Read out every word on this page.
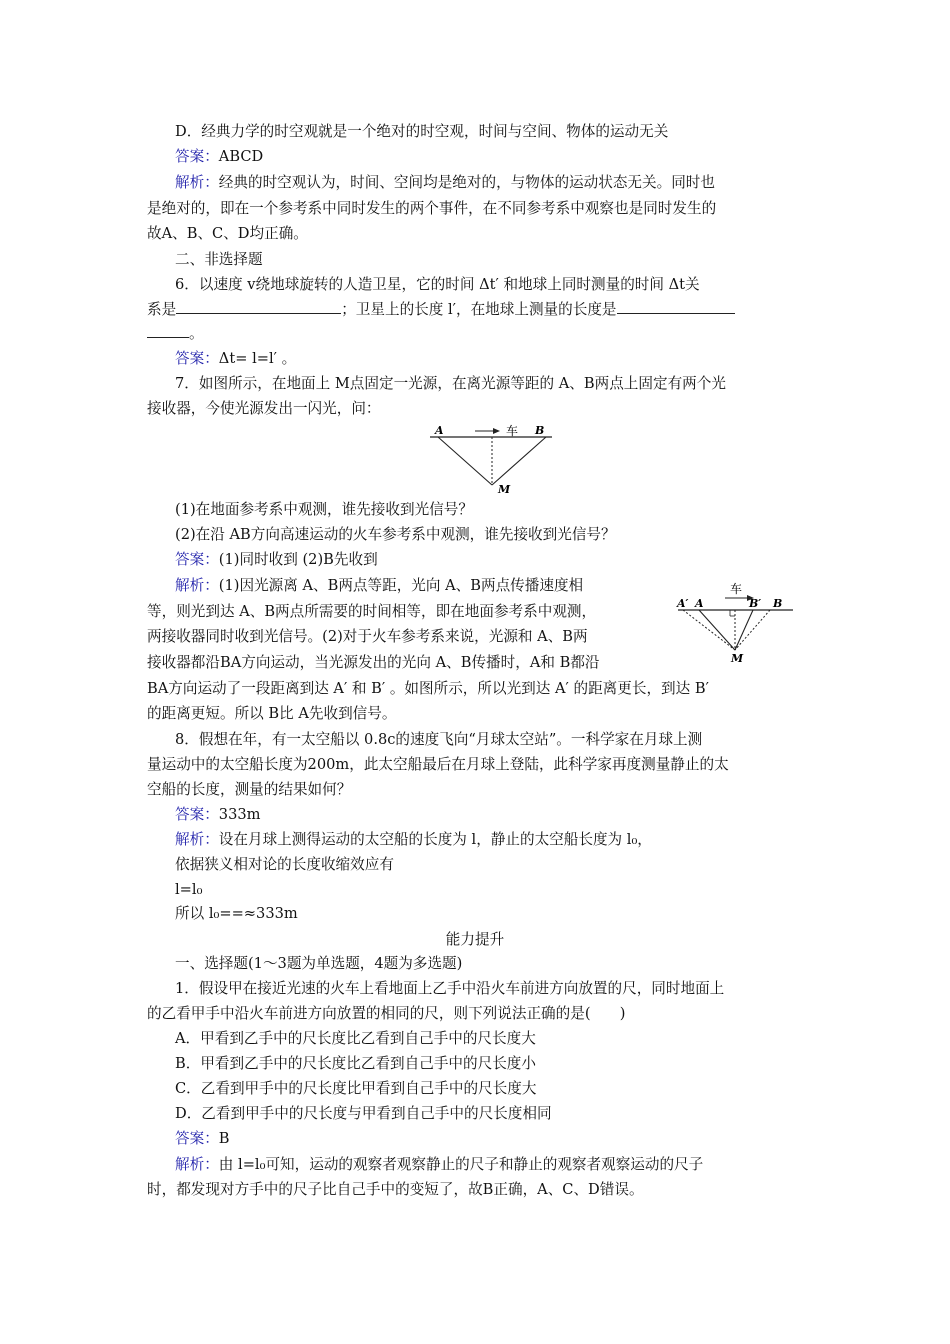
D．经典力学的时空观就是一个绝对的时空观，时间与空间、物体的运动无关
答案：ABCD
解析：经典的时空观认为，时间、空间均是绝对的，与物体的运动状态无关。同时也
是绝对的，即在一个参考系中同时发生的两个事件，在不同参考系中观察也是同时发生的
故A、B、C、D均正确。
二、非选择题
6．以速度 v绕地球旋转的人造卫星，它的时间 Δt′ 和地球上同时测量的时间 Δt关
系是	；卫星上的长度 l′，在地球上测量的长度是
。
答案：Δt= l=l′ 。
7．如图所示，在地面上 M点固定一光源，在离光源等距的 A、B两点上固定有两个光
接收器，今使光源发出一闪光，问：
A	车 B
M
(1)在地面参考系中观测，谁先接收到光信号？
(2)在沿 AB方向高速运动的火车参考系中观测，谁先接收到光信号？
答案：(1)同时收到 (2)B先收到
解析：(1)因光源离 A、B两点等距，光向 A、B两点传播速度相
等，则光到达 A、B两点所需要的时间相等，即在地面参考系中观测，
两接收器同时收到光信号。(2)对于火车参考系来说，光源和 A、B两
接收器都沿BA方向运动，当光源发出的光向 A、B传播时，A和 B都沿
车
A′ A	B′ B
M
BA方向运动了一段距离到达 A′ 和 B′ 。如图所示，所以光到达 A′ 的距离更长，到达 B′
的距离更短。所以 B比 A先收到信号。
8．假想在年，有一太空船以 0.8c的速度飞向“月球太空站”。一科学家在月球上测
量运动中的太空船长度为200m，此太空船最后在月球上登陆，此科学家再度测量静止的太
空船的长度，测量的结果如何？
答案：333m
解析：设在月球上测得运动的太空船的长度为 l，静止的太空船长度为 l₀，
依据狭义相对论的长度收缩效应有
l=l₀
所以 l₀==≈333m
能力提升
一、选择题(1～3题为单选题，4题为多选题)
1．假设甲在接近光速的火车上看地面上乙手中沿火车前进方向放置的尺，同时地面上
的乙看甲手中沿火车前进方向放置的相同的尺，则下列说法正确的是(　　)
A．甲看到乙手中的尺长度比乙看到自己手中的尺长度大
B．甲看到乙手中的尺长度比乙看到自己手中的尺长度小
C．乙看到甲手中的尺长度比甲看到自己手中的尺长度大
D．乙看到甲手中的尺长度与甲看到自己手中的尺长度相同
答案：B
解析：由 l=l₀可知，运动的观察者观察静止的尺子和静止的观察者观察运动的尺子
时，都发现对方手中的尺子比自己手中的变短了，故B正确，A、C、D错误。
